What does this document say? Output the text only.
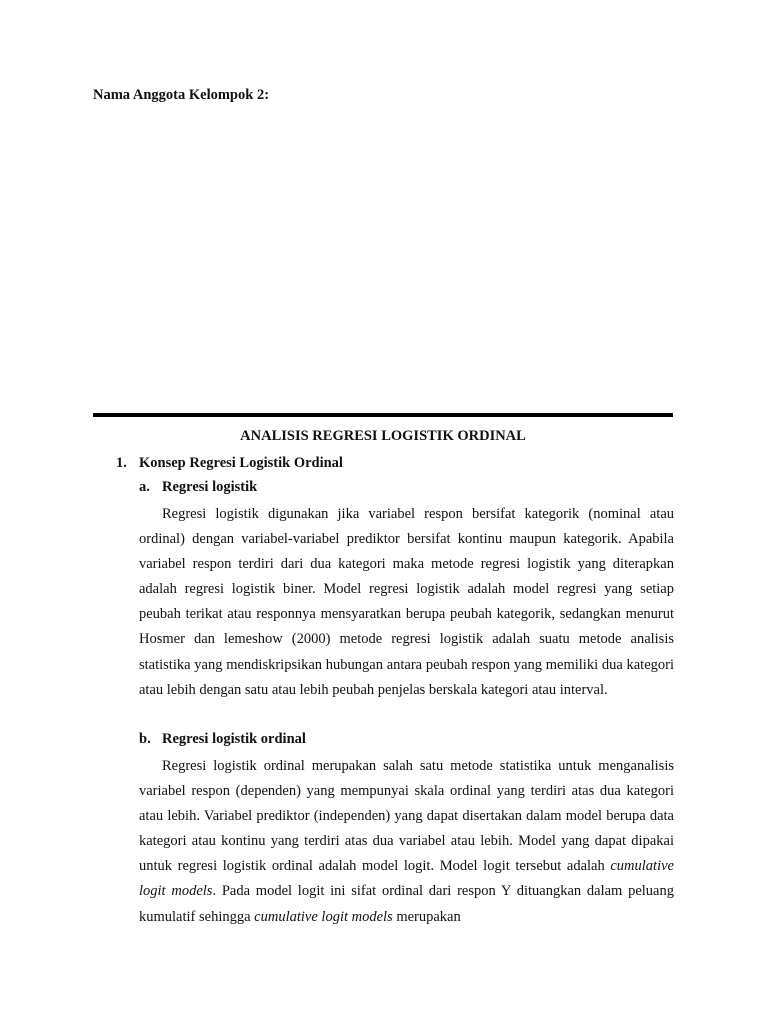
Nama Anggota Kelompok 2:
ANALISIS REGRESI LOGISTIK ORDINAL
1. Konsep Regresi Logistik Ordinal
a. Regresi logistik

Regresi logistik digunakan jika variabel respon bersifat kategorik (nominal atau ordinal) dengan variabel-variabel prediktor bersifat kontinu maupun kategorik. Apabila variabel respon terdiri dari dua kategori maka metode regresi logistik yang diterapkan adalah regresi logistik biner. Model regresi logistik adalah model regresi yang setiap peubah terikat atau responnya mensyaratkan berupa peubah kategorik, sedangkan menurut Hosmer dan lemeshow (2000) metode regresi logistik adalah suatu metode analisis statistika yang mendiskripsikan hubungan antara peubah respon yang memiliki dua kategori atau lebih dengan satu atau lebih peubah penjelas berskala kategori atau interval.

b. Regresi logistik ordinal

Regresi logistik ordinal merupakan salah satu metode statistika untuk menganalisis variabel respon (dependen) yang mempunyai skala ordinal yang terdiri atas dua kategori atau lebih. Variabel prediktor (independen) yang dapat disertakan dalam model berupa data kategori atau kontinu yang terdiri atas dua variabel atau lebih. Model yang dapat dipakai untuk regresi logistik ordinal adalah model logit. Model logit tersebut adalah cumulative logit models. Pada model logit ini sifat ordinal dari respon Y dituangkan dalam peluang kumulatif sehingga cumulative logit models merupakan
